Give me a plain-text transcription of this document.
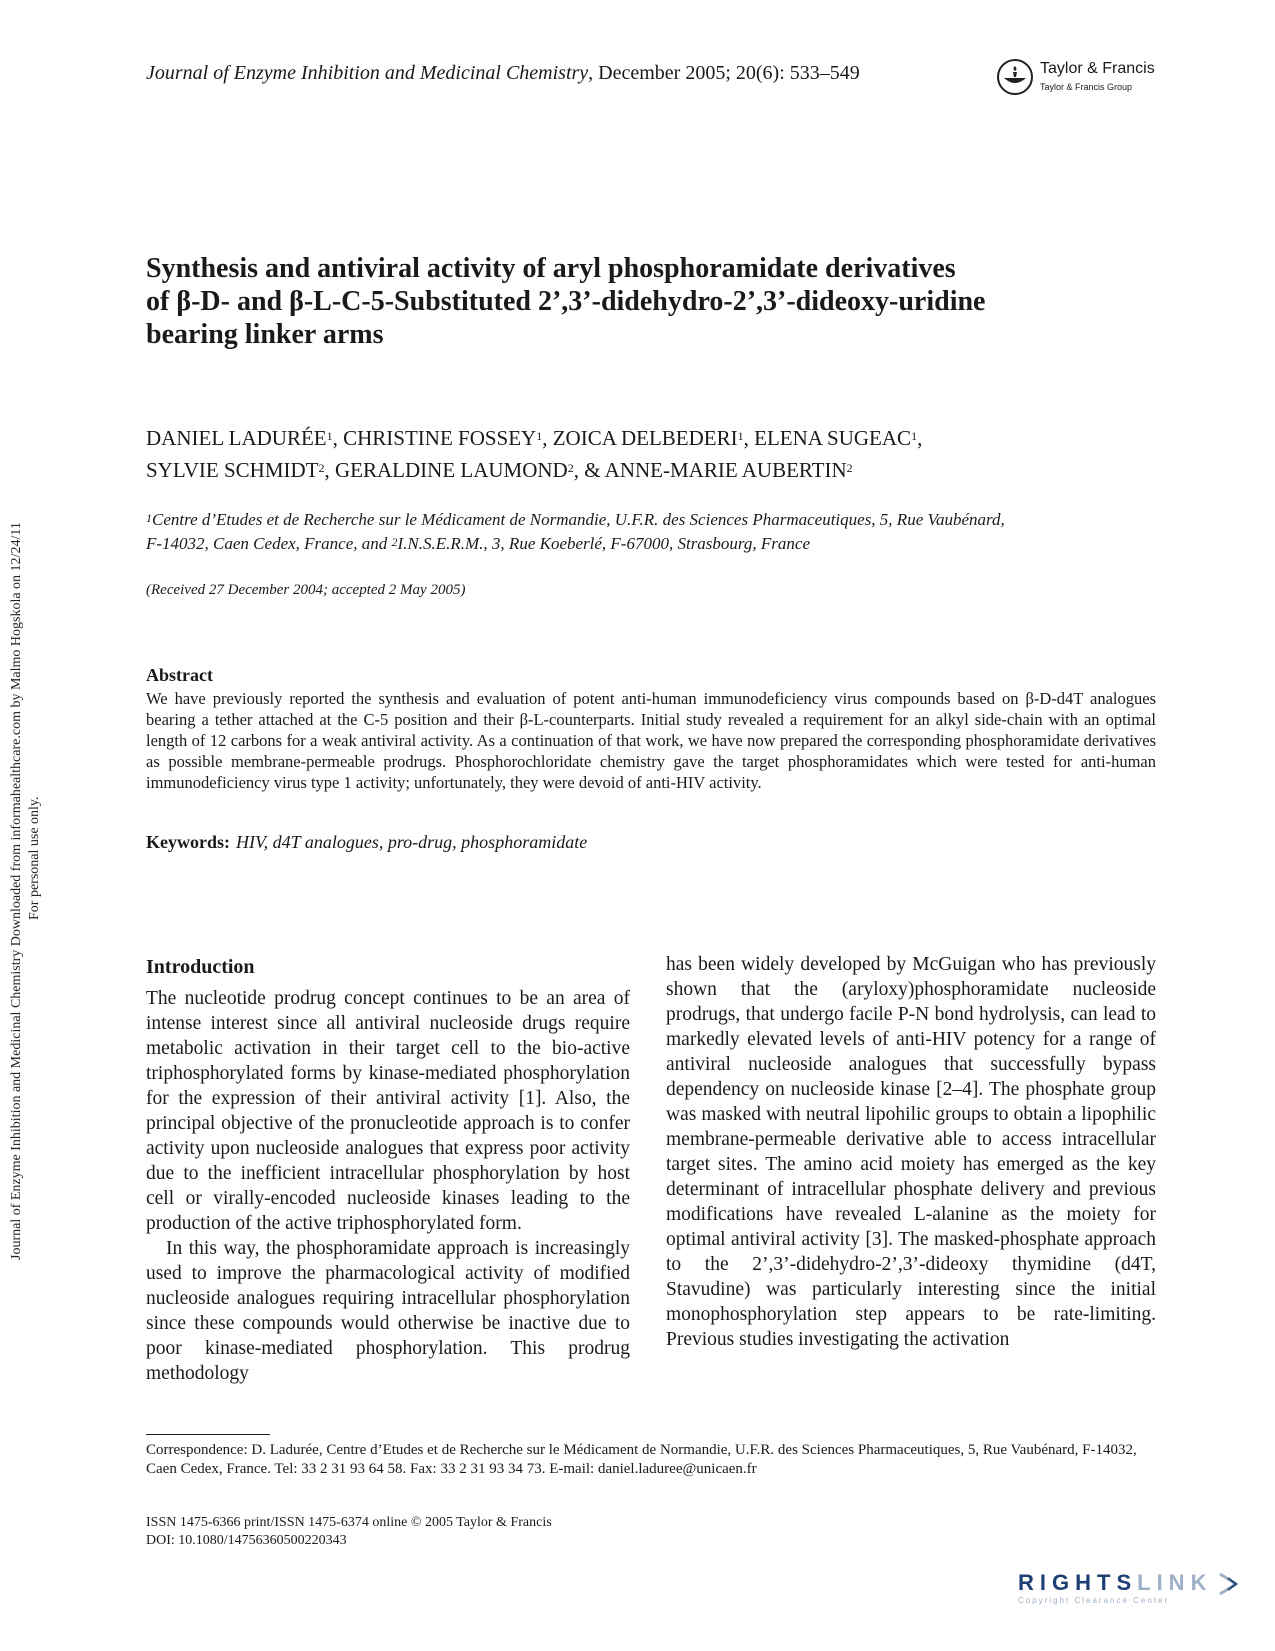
Journal of Enzyme Inhibition and Medicinal Chemistry, December 2005; 20(6): 533–549	Taylor & Francis
Taylor & Francis Group
Synthesis and antiviral activity of aryl phosphoramidate derivatives
of β-D- and β-L-C-5-Substituted 2’,3’-didehydro-2’,3’-dideoxy-uridine
bearing linker arms
DANIEL LADURÉE$^1$, CHRISTINE FOSSEY$^1$, ZOICA DELBEDERI$^1$, ELENA SUGEAC$^1$,
SYLVIE SCHMIDT$^2$, GERALDINE LAUMOND$^2$, & ANNE-MARIE AUBERTIN$^2$
$^1$Centre d’Etudes et de Recherche sur le Médicament de Normandie, U.F.R. des Sciences Pharmaceutiques, 5, Rue Vaubénard,
F-14032, Caen Cedex, France, and $^2$I.N.S.E.R.M., 3, Rue Koeberlé, F-67000, Strasbourg, France
(Received 27 December 2004; accepted 2 May 2005)
Abstract
We have previously reported the synthesis and evaluation of potent anti-human immunodeficiency virus compounds based on β-D-d4T analogues bearing a tether attached at the C-5 position and their β-L-counterparts. Initial study revealed a requirement for an alkyl side-chain with an optimal length of 12 carbons for a weak antiviral activity. As a continuation of that work, we have now prepared the corresponding phosphoramidate derivatives as possible membrane-permeable prodrugs. Phosphorochloridate chemistry gave the target phosphoramidates which were tested for anti-human immunodeficiency virus type 1 activity; unfortunately, they were devoid of anti-HIV activity.
Keywords: HIV, d4T analogues, pro-drug, phosphoramidate
Introduction

The nucleotide prodrug concept continues to be an area of intense interest since all antiviral nucleoside drugs require metabolic activation in their target cell to the bio-active triphosphorylated forms by kinase-mediated phosphorylation for the expression of their antiviral activity [1]. Also, the principal objective of the pronucleotide approach is to confer activity upon nucleoside analogues that express poor activity due to the inefficient intracellular phosphorylation by host cell or virally-encoded nucleoside kinases leading to the production of the active triphosphorylated form.

In this way, the phosphoramidate approach is increasingly used to improve the pharmacological activity of modified nucleoside analogues requiring intracellular phosphorylation since these compounds would otherwise be inactive due to poor kinase-mediated phosphorylation. This prodrug methodology

has been widely developed by McGuigan who has previously shown that the (aryloxy)phosphoramidate nucleoside prodrugs, that undergo facile P-N bond hydrolysis, can lead to markedly elevated levels of anti-HIV potency for a range of antiviral nucleoside analogues that successfully bypass dependency on nucleoside kinase [2–4]. The phosphate group was masked with neutral lipohilic groups to obtain a lipophilic membrane-permeable derivative able to access intracellular target sites. The amino acid moiety has emerged as the key determinant of intracellular phosphate delivery and previous modifications have revealed L-alanine as the moiety for optimal antiviral activity [3]. The masked-phosphate approach to the 2’,3’-didehydro-2’,3’-dideoxy thymidine (d4T, Stavudine) was particularly interesting since the initial monophosphorylation step appears to be rate-limiting. Previous studies investigating the activation

Correspondence: D. Ladurée, Centre d’Etudes et de Recherche sur le Médicament de Normandie, U.F.R. des Sciences Pharmaceutiques, 5, Rue Vaubénard, F-14032, Caen Cedex, France. Tel: 33 2 31 93 64 58. Fax: 33 2 31 93 34 73. E-mail: daniel.laduree@unicaen.fr
ISSN 1475-6366 print/ISSN 1475-6374 online © 2005 Taylor & Francis
DOI: 10.1080/14756360500220343
Journal of Enzyme Inhibition and Medicinal Chemistry Downloaded from informahealthcare.com by Malmo Hogskola on 12/24/11 For personal use only.
RIGHTSLINK
Copyright Clearance Center
